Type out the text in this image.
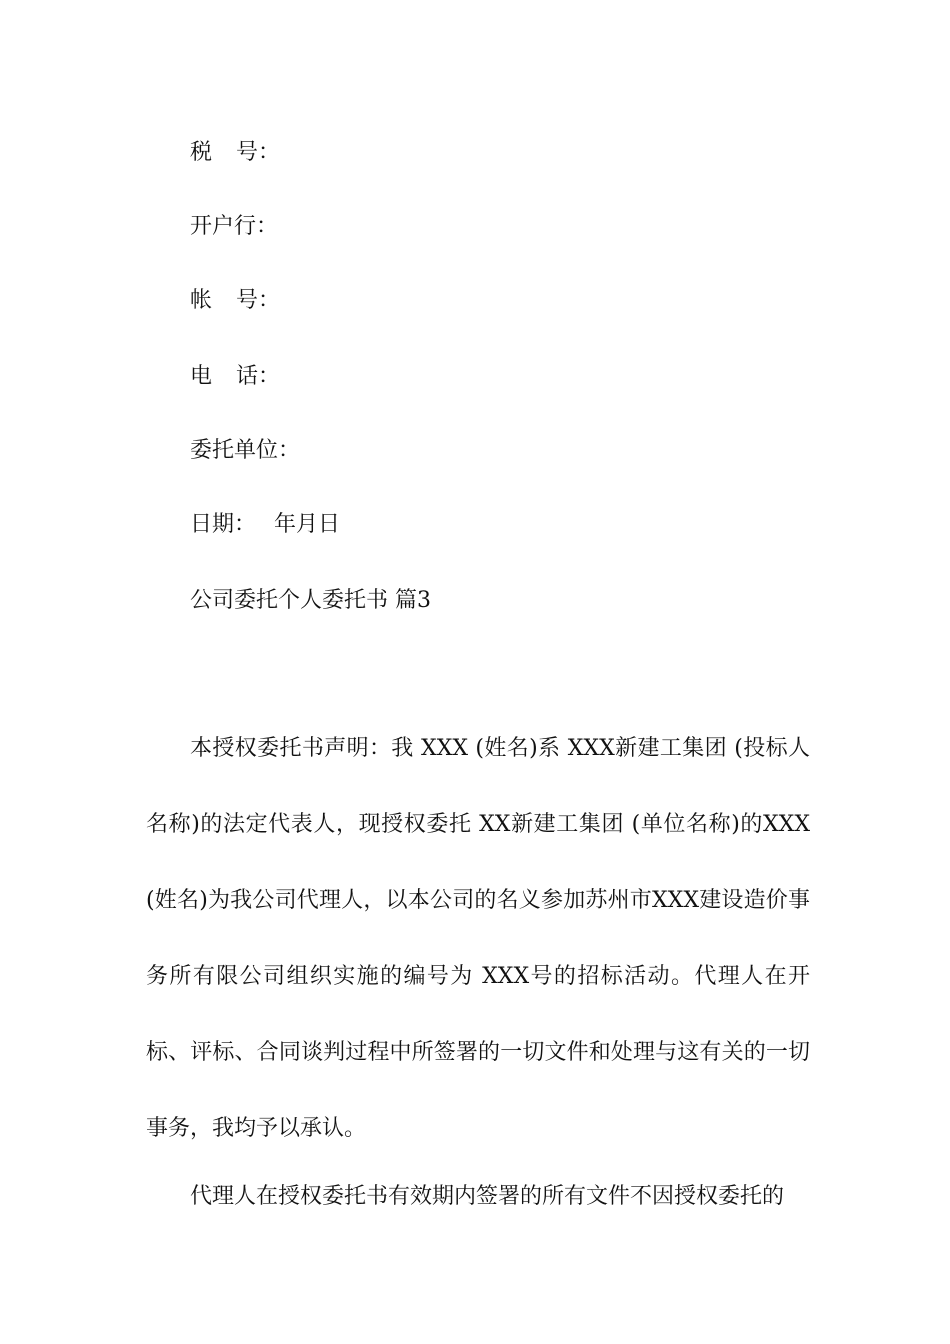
税 号：
开户行：
帐 号：
电 话：
委托单位：
日期： 年月日
公司委托个人委托书 篇3

本授权委托书声明：我 XXX (姓名)系 XXX新建工集团 (投标人名称)的法定代表人，现授权委托 XX新建工集团 (单位名称)的XXX (姓名)为我公司代理人，以本公司的名义参加苏州市XXX建设造价事务所有限公司组织实施的编号为 XXX号的招标活动。代理人在开标、评标、合同谈判过程中所签署的一切文件和处理与这有关的一切事务，我均予以承认。

代理人在授权委托书有效期内签署的所有文件不因授权委托的
